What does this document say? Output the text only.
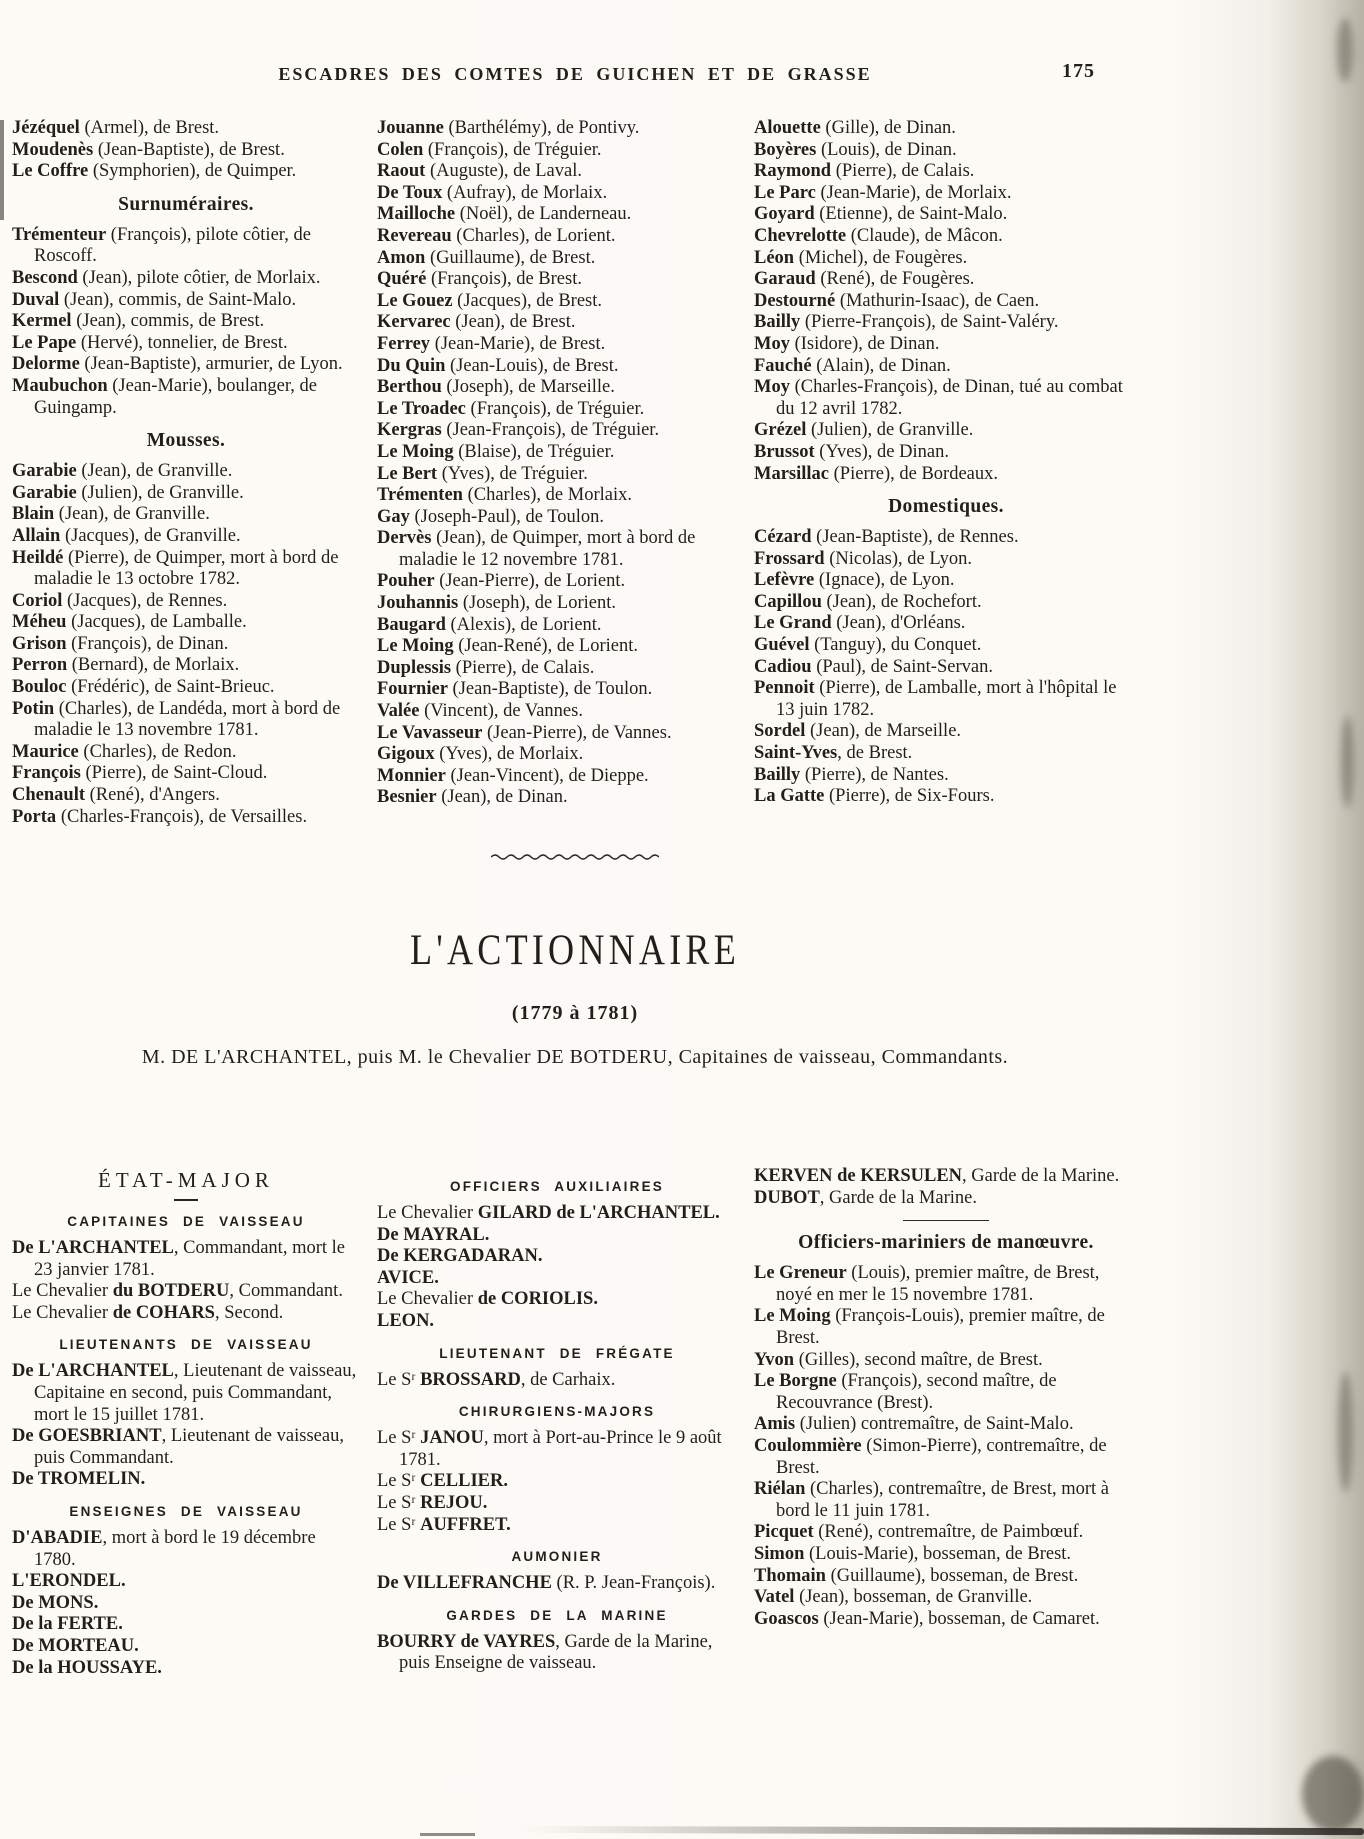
ESCADRES DES COMTES DE GUICHEN ET DE GRASSE	175

Jézéquel (Armel), de Brest.

Moudenès (Jean-Baptiste), de Brest.

Le Coffre (Symphorien), de Quimper.

Surnuméraires.

Trémenteur (François), pilote côtier, de Roscoff.

Bescond (Jean), pilote côtier, de Morlaix.

Duval (Jean), commis, de Saint-Malo.

Kermel (Jean), commis, de Brest.

Le Pape (Hervé), tonnelier, de Brest.

Delorme (Jean-Baptiste), armurier, de Lyon.

Maubuchon (Jean-Marie), boulanger, de Guingamp.

Mousses.

Garabie (Jean), de Granville.

Garabie (Julien), de Granville.

Blain (Jean), de Granville.

Allain (Jacques), de Granville.

Heildé (Pierre), de Quimper, mort à bord de maladie le 13 octobre 1782.

Coriol (Jacques), de Rennes.

Méheu (Jacques), de Lamballe.

Grison (François), de Dinan.

Perron (Bernard), de Morlaix.

Bouloc (Frédéric), de Saint-Brieuc.

Potin (Charles), de Landéda, mort à bord de maladie le 13 novembre 1781.

Maurice (Charles), de Redon.

François (Pierre), de Saint-Cloud.

Chenault (René), d'Angers.

Porta (Charles-François), de Versailles.

Jouanne (Barthélémy), de Pontivy.

Colen (François), de Tréguier.

Raout (Auguste), de Laval.

De Toux (Aufray), de Morlaix.

Mailloche (Noël), de Landerneau.

Revereau (Charles), de Lorient.

Amon (Guillaume), de Brest.

Quéré (François), de Brest.

Le Gouez (Jacques), de Brest.

Kervarec (Jean), de Brest.

Ferrey (Jean-Marie), de Brest.

Du Quin (Jean-Louis), de Brest.

Berthou (Joseph), de Marseille.

Le Troadec (François), de Tréguier.

Kergras (Jean-François), de Tréguier.

Le Moing (Blaise), de Tréguier.

Le Bert (Yves), de Tréguier.

Trémenten (Charles), de Morlaix.

Gay (Joseph-Paul), de Toulon.

Dervès (Jean), de Quimper, mort à bord de maladie le 12 novembre 1781.

Pouher (Jean-Pierre), de Lorient.

Jouhannis (Joseph), de Lorient.

Baugard (Alexis), de Lorient.

Le Moing (Jean-René), de Lorient.

Duplessis (Pierre), de Calais.

Fournier (Jean-Baptiste), de Toulon.

Valée (Vincent), de Vannes.

Le Vavasseur (Jean-Pierre), de Vannes.

Gigoux (Yves), de Morlaix.

Monnier (Jean-Vincent), de Dieppe.

Besnier (Jean), de Dinan.

Alouette (Gille), de Dinan.

Boyères (Louis), de Dinan.

Raymond (Pierre), de Calais.

Le Parc (Jean-Marie), de Morlaix.

Goyard (Etienne), de Saint-Malo.

Chevrelotte (Claude), de Mâcon.

Léon (Michel), de Fougères.

Garaud (René), de Fougères.

Destourné (Mathurin-Isaac), de Caen.

Bailly (Pierre-François), de Saint-Valéry.

Moy (Isidore), de Dinan.

Fauché (Alain), de Dinan.

Moy (Charles-François), de Dinan, tué au combat du 12 avril 1782.

Grézel (Julien), de Granville.

Brussot (Yves), de Dinan.

Marsillac (Pierre), de Bordeaux.

Domestiques.

Cézard (Jean-Baptiste), de Rennes.

Frossard (Nicolas), de Lyon.

Lefèvre (Ignace), de Lyon.

Capillou (Jean), de Rochefort.

Le Grand (Jean), d'Orléans.

Guével (Tanguy), du Conquet.

Cadiou (Paul), de Saint-Servan.

Pennoit (Pierre), de Lamballe, mort à l'hôpital le 13 juin 1782.

Sordel (Jean), de Marseille.

Saint-Yves, de Brest.

Bailly (Pierre), de Nantes.

La Gatte (Pierre), de Six-Fours.

L'ACTIONNAIRE
(1779 à 1781)
M. DE L'ARCHANTEL, puis M. le Chevalier DE BOTDERU, Capitaines de vaisseau, Commandants.
ÉTAT-MAJOR
CAPITAINES DE VAISSEAU

De L'ARCHANTEL, Commandant, mort le 23 janvier 1781.

Le Chevalier du BOTDERU, Commandant.

Le Chevalier de COHARS, Second.

LIEUTENANTS DE VAISSEAU

De L'ARCHANTEL, Lieutenant de vaisseau, Capitaine en second, puis Commandant, mort le 15 juillet 1781.

De GOESBRIANT, Lieutenant de vaisseau, puis Commandant.

De TROMELIN.

ENSEIGNES DE VAISSEAU

D'ABADIE, mort à bord le 19 décembre 1780.

L'ERONDEL.

De MONS.

De la FERTE.

De MORTEAU.

De la HOUSSAYE.

OFFICIERS AUXILIAIRES

Le Chevalier GILARD de L'ARCHANTEL.

De MAYRAL.

De KERGADARAN.

AVICE.

Le Chevalier de CORIOLIS.

LEON.

LIEUTENANT DE FRÉGATE

Le Sʳ BROSSARD, de Carhaix.

CHIRURGIENS-MAJORS

Le Sʳ JANOU, mort à Port-au-Prince le 9 août 1781.

Le Sʳ CELLIER.

Le Sʳ REJOU.

Le Sʳ AUFFRET.

AUMONIER

De VILLEFRANCHE (R. P. Jean-François).

GARDES DE LA MARINE

BOURRY de VAYRES, Garde de la Marine, puis Enseigne de vaisseau.

KERVEN de KERSULEN, Garde de la Marine.

DUBOT, Garde de la Marine.

Officiers-mariniers de manœuvre.

Le Greneur (Louis), premier maître, de Brest, noyé en mer le 15 novembre 1781.

Le Moing (François-Louis), premier maître, de Brest.

Yvon (Gilles), second maître, de Brest.

Le Borgne (François), second maître, de Recouvrance (Brest).

Amis (Julien) contremaître, de Saint-Malo.

Coulommière (Simon-Pierre), contremaître, de Brest.

Riélan (Charles), contremaître, de Brest, mort à bord le 11 juin 1781.

Picquet (René), contremaître, de Paimbœuf.

Simon (Louis-Marie), bosseman, de Brest.

Thomain (Guillaume), bosseman, de Brest.

Vatel (Jean), bosseman, de Granville.

Goascos (Jean-Marie), bosseman, de Camaret.
